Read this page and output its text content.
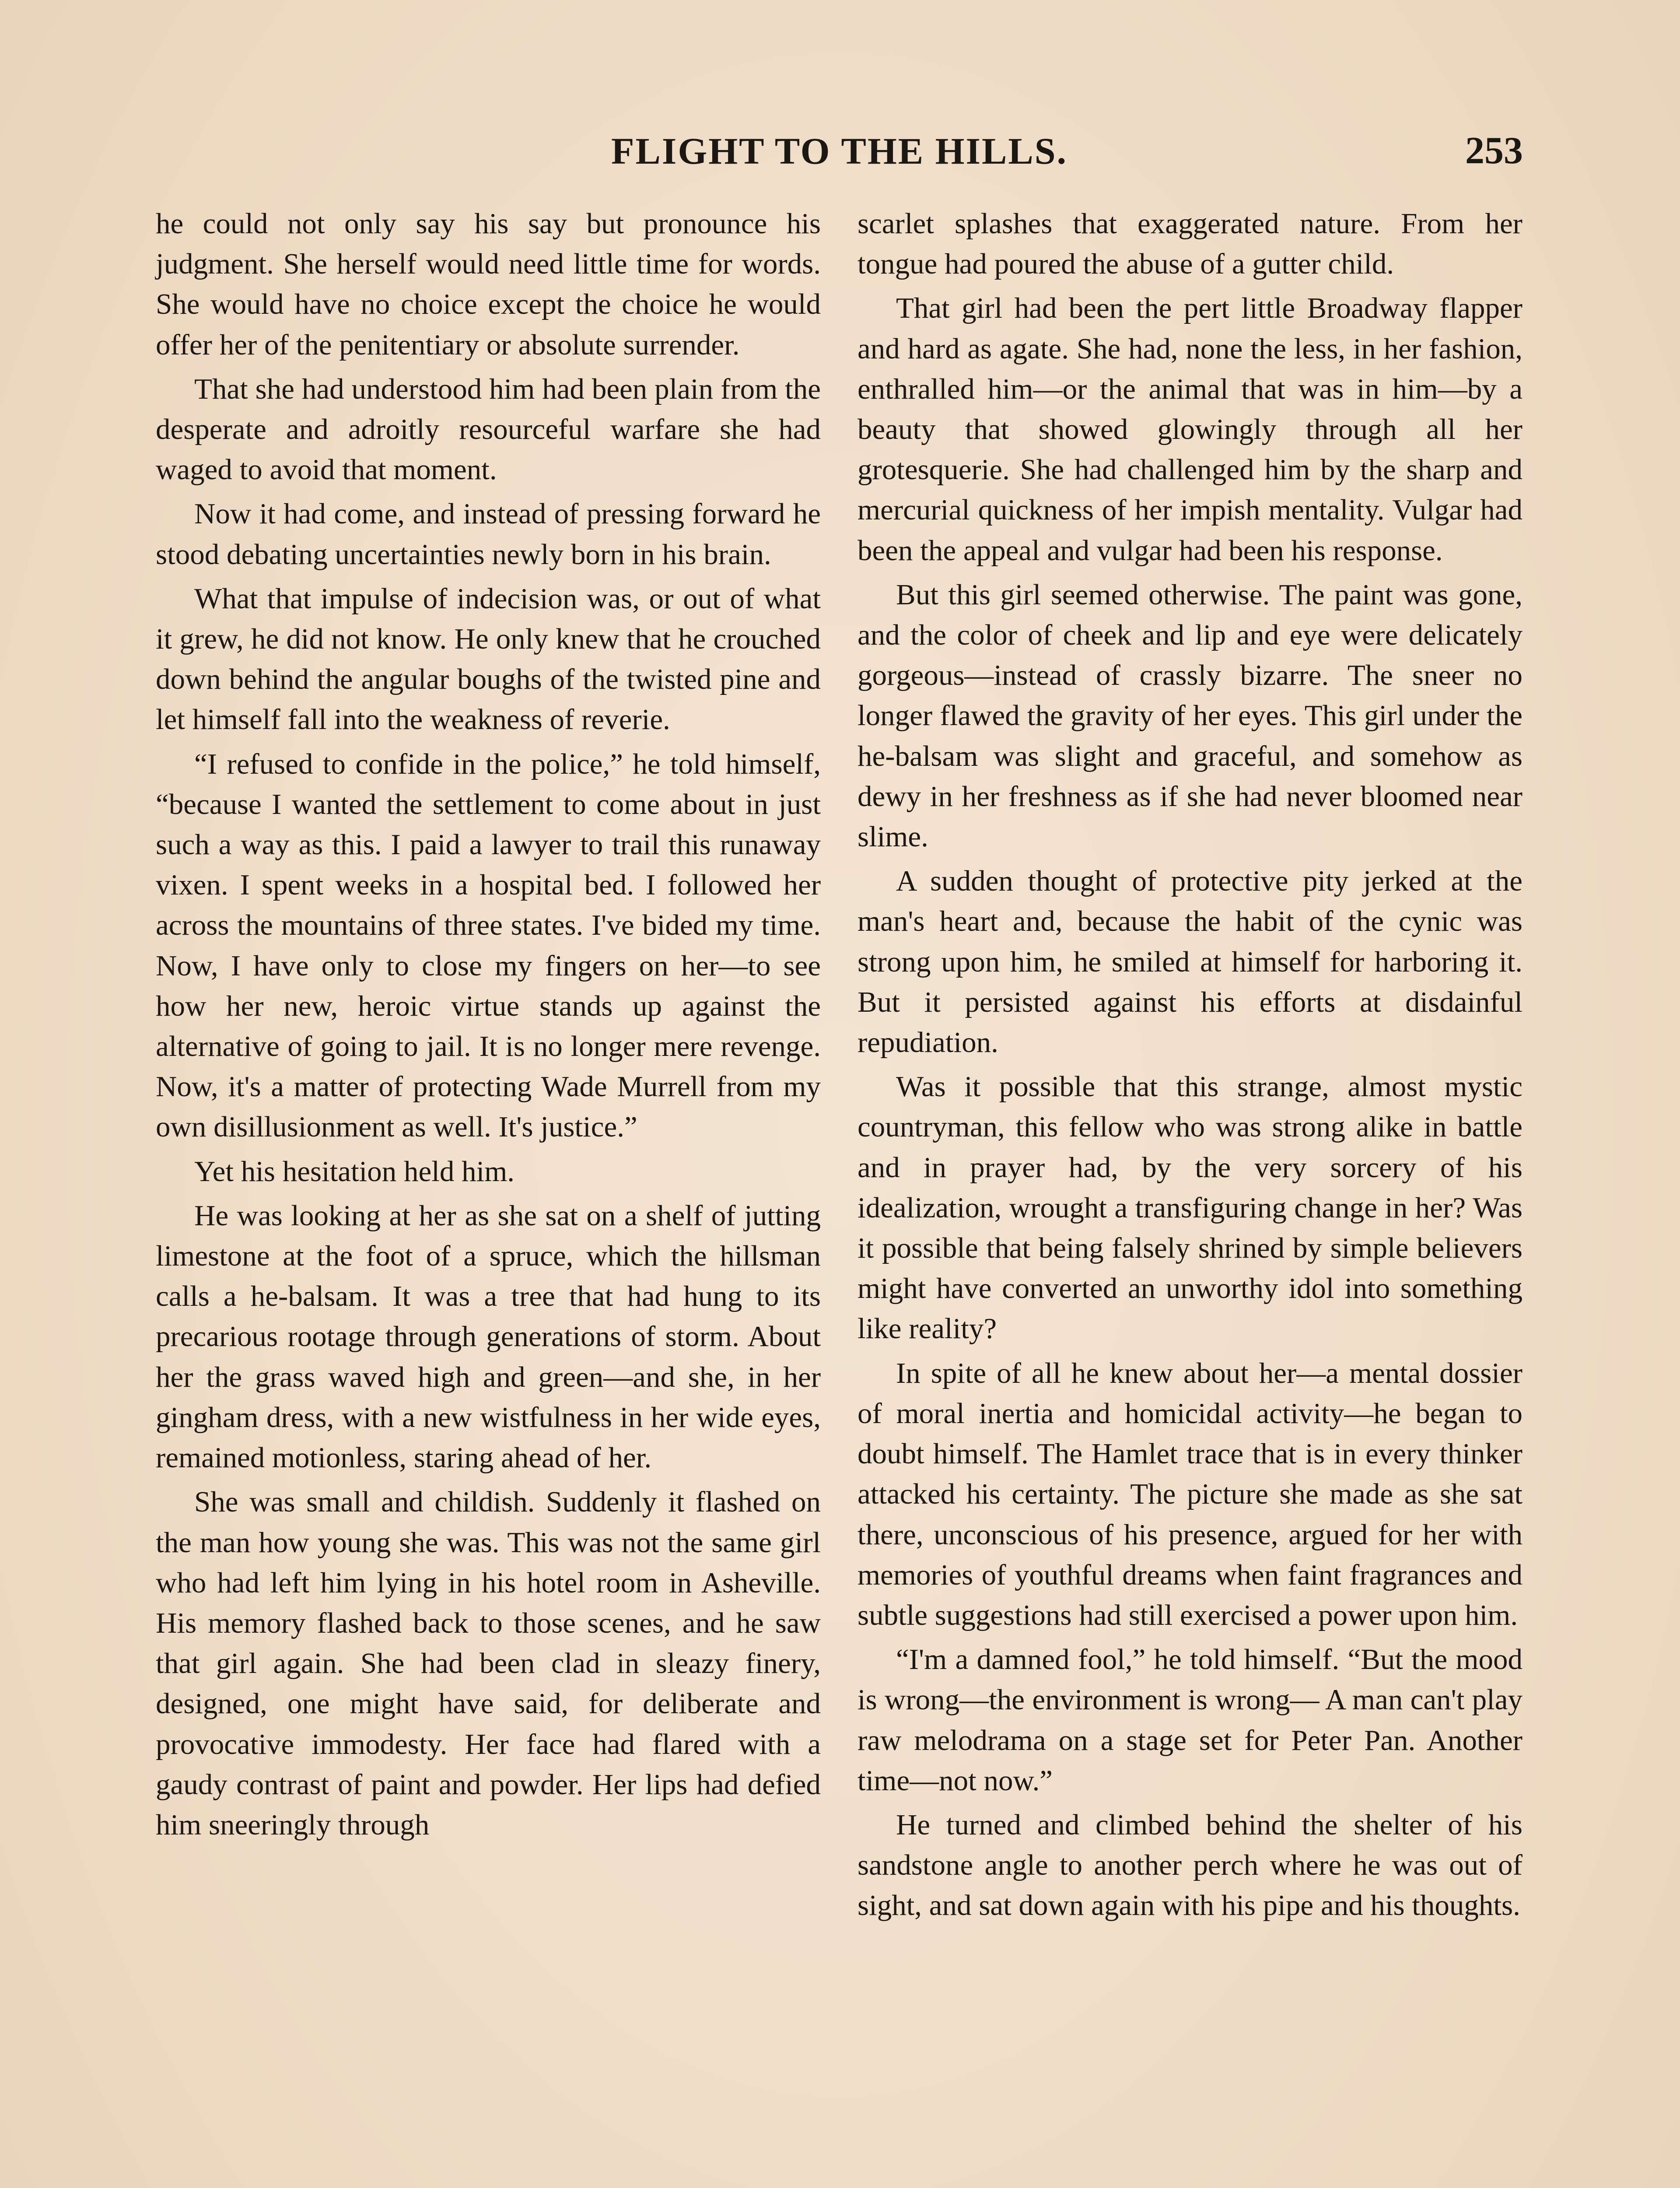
FLIGHT TO THE HILLS.	253

he could not only say his say but pronounce his judgment. She herself would need little time for words. She would have no choice except the choice he would offer her of the penitentiary or absolute surrender.

That she had understood him had been plain from the desperate and adroitly resourceful warfare she had waged to avoid that moment.

Now it had come, and instead of pressing forward he stood debating uncertainties newly born in his brain.

What that impulse of indecision was, or out of what it grew, he did not know. He only knew that he crouched down behind the angular boughs of the twisted pine and let himself fall into the weakness of reverie.

“I refused to confide in the police,” he told himself, “because I wanted the settlement to come about in just such a way as this. I paid a lawyer to trail this runaway vixen. I spent weeks in a hospital bed. I followed her across the mountains of three states. I've bided my time. Now, I have only to close my fingers on her—to see how her new, heroic virtue stands up against the alternative of going to jail. It is no longer mere revenge. Now, it's a matter of protecting Wade Murrell from my own disillusionment as well. It's justice.”

Yet his hesitation held him.

He was looking at her as she sat on a shelf of jutting limestone at the foot of a spruce, which the hillsman calls a he-balsam. It was a tree that had hung to its precarious rootage through generations of storm. About her the grass waved high and green—and she, in her gingham dress, with a new wistfulness in her wide eyes, remained motionless, staring ahead of her.

She was small and childish. Suddenly it flashed on the man how young she was. This was not the same girl who had left him lying in his hotel room in Asheville. His memory flashed back to those scenes, and he saw that girl again. She had been clad in sleazy finery, designed, one might have said, for deliberate and provocative immodesty. Her face had flared with a gaudy contrast of paint and powder. Her lips had defied him sneeringly through

scarlet splashes that exaggerated nature. From her tongue had poured the abuse of a gutter child.

That girl had been the pert little Broadway flapper and hard as agate. She had, none the less, in her fashion, enthralled him—or the animal that was in him—by a beauty that showed glowingly through all her grotesquerie. She had challenged him by the sharp and mercurial quickness of her impish mentality. Vulgar had been the appeal and vulgar had been his response.

But this girl seemed otherwise. The paint was gone, and the color of cheek and lip and eye were delicately gorgeous—instead of crassly bizarre. The sneer no longer flawed the gravity of her eyes. This girl under the he-balsam was slight and graceful, and somehow as dewy in her freshness as if she had never bloomed near slime.

A sudden thought of protective pity jerked at the man's heart and, because the habit of the cynic was strong upon him, he smiled at himself for harboring it. But it persisted against his efforts at disdainful repudiation.

Was it possible that this strange, almost mystic countryman, this fellow who was strong alike in battle and in prayer had, by the very sorcery of his idealization, wrought a transfiguring change in her? Was it possible that being falsely shrined by simple believers might have converted an unworthy idol into something like reality?

In spite of all he knew about her—a mental dossier of moral inertia and homicidal activity—he began to doubt himself. The Hamlet trace that is in every thinker attacked his certainty. The picture she made as she sat there, unconscious of his presence, argued for her with memories of youthful dreams when faint fragrances and subtle suggestions had still exercised a power upon him.

“I'm a damned fool,” he told himself. “But the mood is wrong—the environment is wrong— A man can't play raw melodrama on a stage set for Peter Pan. Another time—not now.”

He turned and climbed behind the shelter of his sandstone angle to another perch where he was out of sight, and sat down again with his pipe and his thoughts.
